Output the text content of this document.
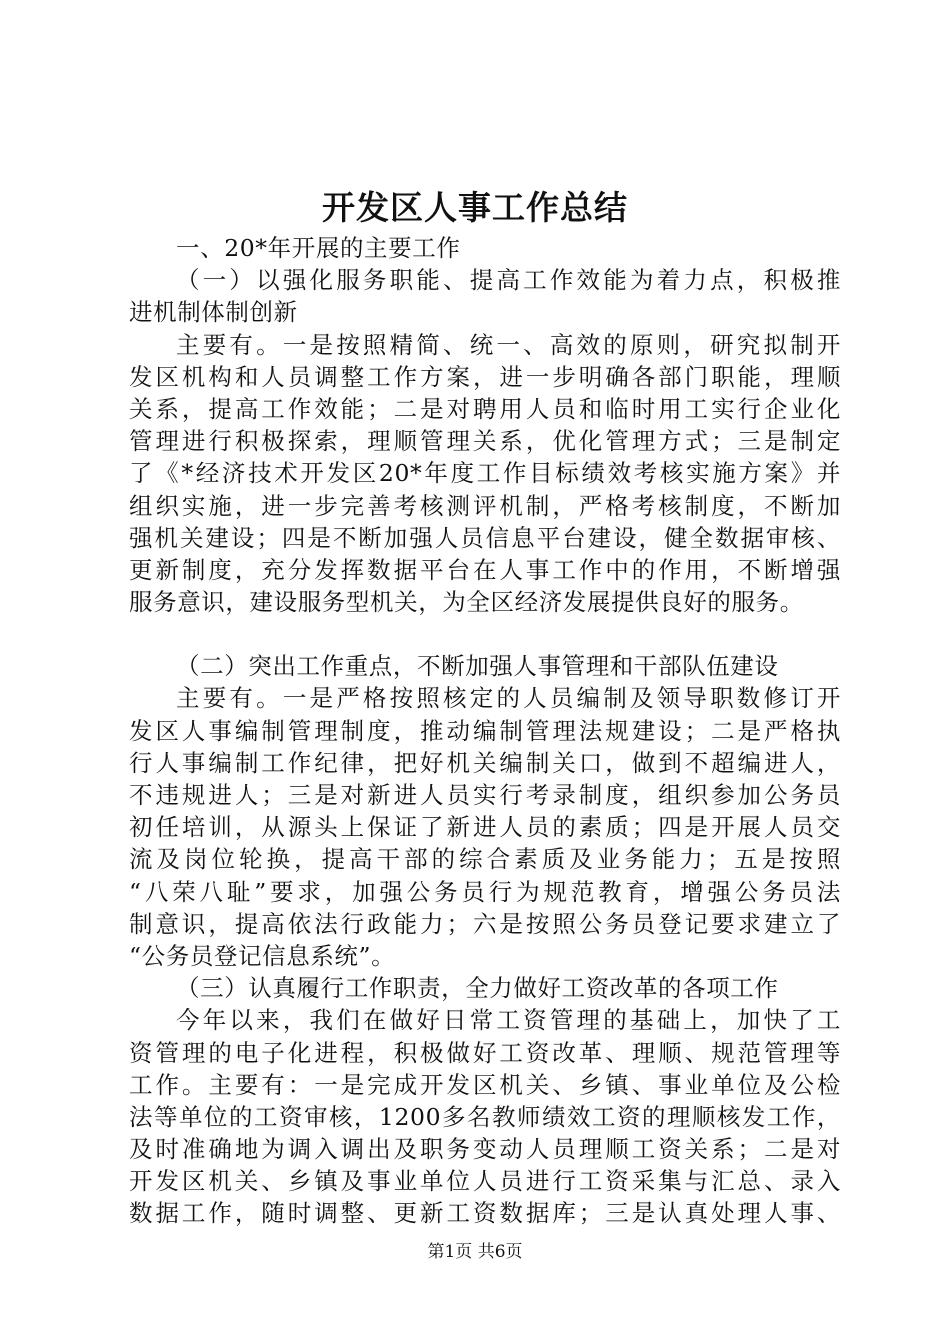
开发区人事工作总结
一、20*年开展的主要工作
（一）以强化服务职能、提高工作效能为着力点，积极推
进机制体制创新
主要有。一是按照精简、统一、高效的原则，研究拟制开
发区机构和人员调整工作方案，进一步明确各部门职能，理顺
关系，提高工作效能；二是对聘用人员和临时用工实行企业化
管理进行积极探索，理顺管理关系，优化管理方式；三是制定
了《*经济技术开发区20*年度工作目标绩效考核实施方案》并
组织实施，进一步完善考核测评机制，严格考核制度，不断加
强机关建设；四是不断加强人员信息平台建设，健全数据审核、
更新制度，充分发挥数据平台在人事工作中的作用，不断增强
服务意识，建设服务型机关，为全区经济发展提供良好的服务。
（二）突出工作重点，不断加强人事管理和干部队伍建设
主要有。一是严格按照核定的人员编制及领导职数修订开
发区人事编制管理制度，推动编制管理法规建设；二是严格执
行人事编制工作纪律，把好机关编制关口，做到不超编进人，
不违规进人；三是对新进人员实行考录制度，组织参加公务员
初任培训，从源头上保证了新进人员的素质；四是开展人员交
流及岗位轮换，提高干部的综合素质及业务能力；五是按照
“八荣八耻”要求，加强公务员行为规范教育，增强公务员法
制意识，提高依法行政能力；六是按照公务员登记要求建立了
“公务员登记信息系统”。
（三）认真履行工作职责，全力做好工资改革的各项工作
今年以来，我们在做好日常工资管理的基础上，加快了工
资管理的电子化进程，积极做好工资改革、理顺、规范管理等
工作。主要有：一是完成开发区机关、乡镇、事业单位及公检
法等单位的工资审核，1200多名教师绩效工资的理顺核发工作，
及时准确地为调入调出及职务变动人员理顺工资关系；二是对
开发区机关、乡镇及事业单位人员进行工资采集与汇总、录入
数据工作，随时调整、更新工资数据库；三是认真处理人事、
第1页 共6页
